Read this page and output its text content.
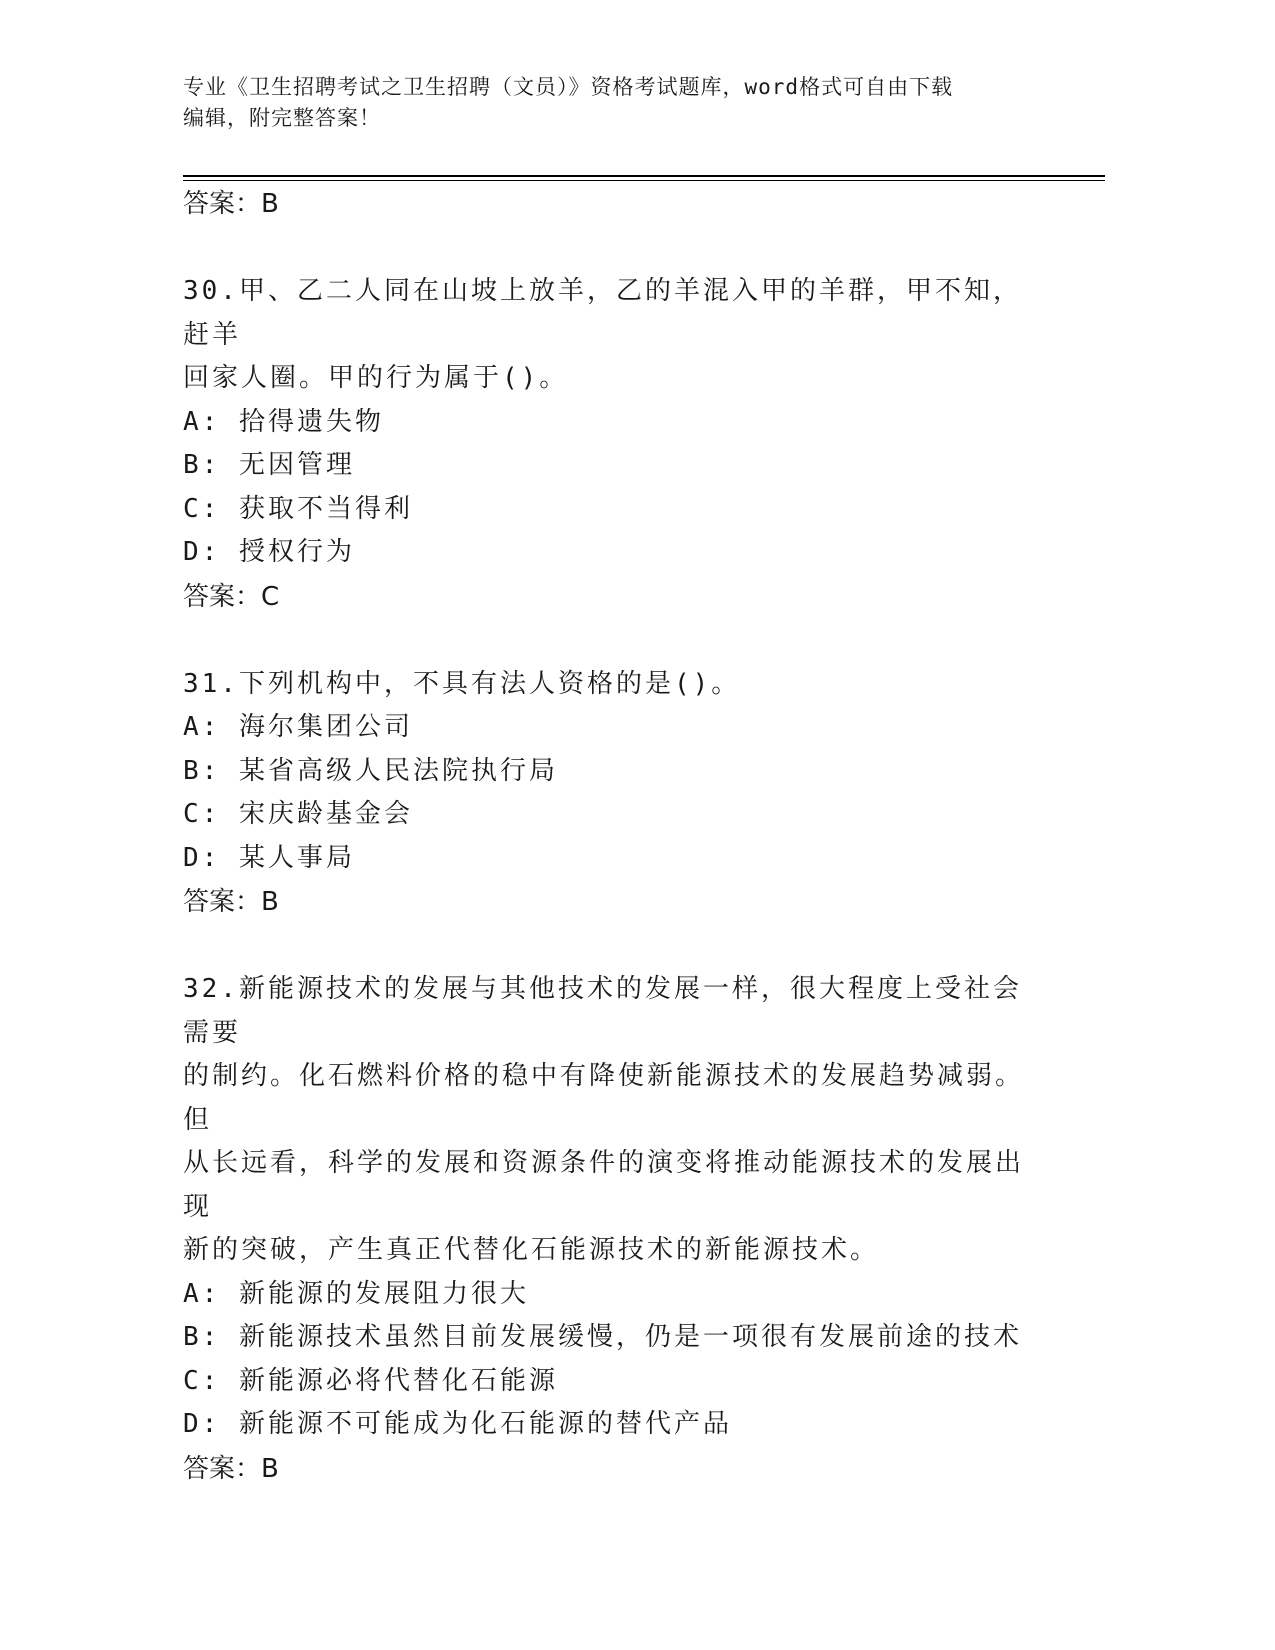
专业《卫生招聘考试之卫生招聘（文员）》资格考试题库，word格式可自由下载
编辑，附完整答案！
答案：B

30.甲、乙二人同在山坡上放羊，乙的羊混入甲的羊群，甲不知，赶羊
回家人圈。甲的行为属于()。

A: 拾得遗失物

B: 无因管理

C: 获取不当得利

D: 授权行为

答案：C

31.下列机构中，不具有法人资格的是()。

A: 海尔集团公司

B: 某省高级人民法院执行局

C: 宋庆龄基金会

D: 某人事局

答案：B

32.新能源技术的发展与其他技术的发展一样，很大程度上受社会需要
的制约。化石燃料价格的稳中有降使新能源技术的发展趋势减弱。但
从长远看，科学的发展和资源条件的演变将推动能源技术的发展出现
新的突破，产生真正代替化石能源技术的新能源技术。

A: 新能源的发展阻力很大

B: 新能源技术虽然目前发展缓慢，仍是一项很有发展前途的技术

C: 新能源必将代替化石能源

D: 新能源不可能成为化石能源的替代产品

答案：B
